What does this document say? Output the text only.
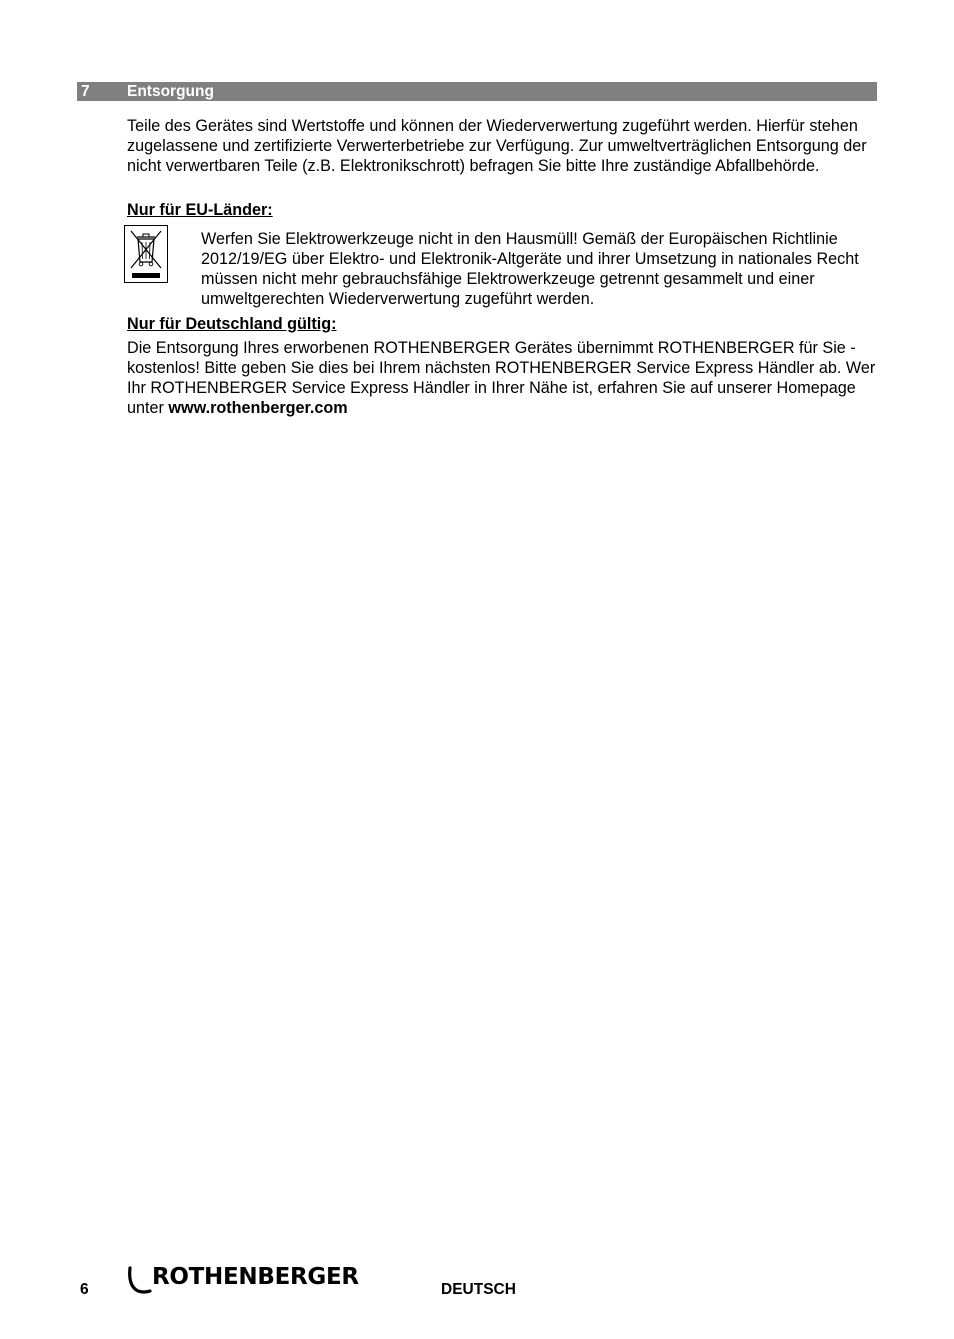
7 Entsorgung

Teile des Gerätes sind Wertstoffe und können der Wiederverwertung zugeführt werden. Hierfür stehen zugelassene und zertifizierte Verwerterbetriebe zur Verfügung. Zur umweltverträglichen Entsorgung der nicht verwertbaren Teile (z.B. Elektronikschrott) befragen Sie bitte Ihre zuständige Abfallbehörde.

Nur für EU-Länder:

Werfen Sie Elektrowerkzeuge nicht in den Hausmüll! Gemäß der Europäischen Richtlinie 2012/19/EG über Elektro- und Elektronik-Altgeräte und ihrer Umsetzung in nationales Recht müssen nicht mehr gebrauchsfähige Elektrowerkzeuge getrennt gesammelt und einer umweltgerechten Wiederverwertung zugeführt werden.

Nur für Deutschland gültig:

Die Entsorgung Ihres erworbenen ROTHENBERGER Gerätes übernimmt ROTHENBERGER für Sie - kostenlos! Bitte geben Sie dies bei Ihrem nächsten ROTHENBERGER Service Express Händler ab. Wer Ihr ROTHENBERGER Service Express Händler in Ihrer Nähe ist, erfahren Sie auf unserer Homepage unter www.rothenberger.com

6	ROTHENBERGER	DEUTSCH
